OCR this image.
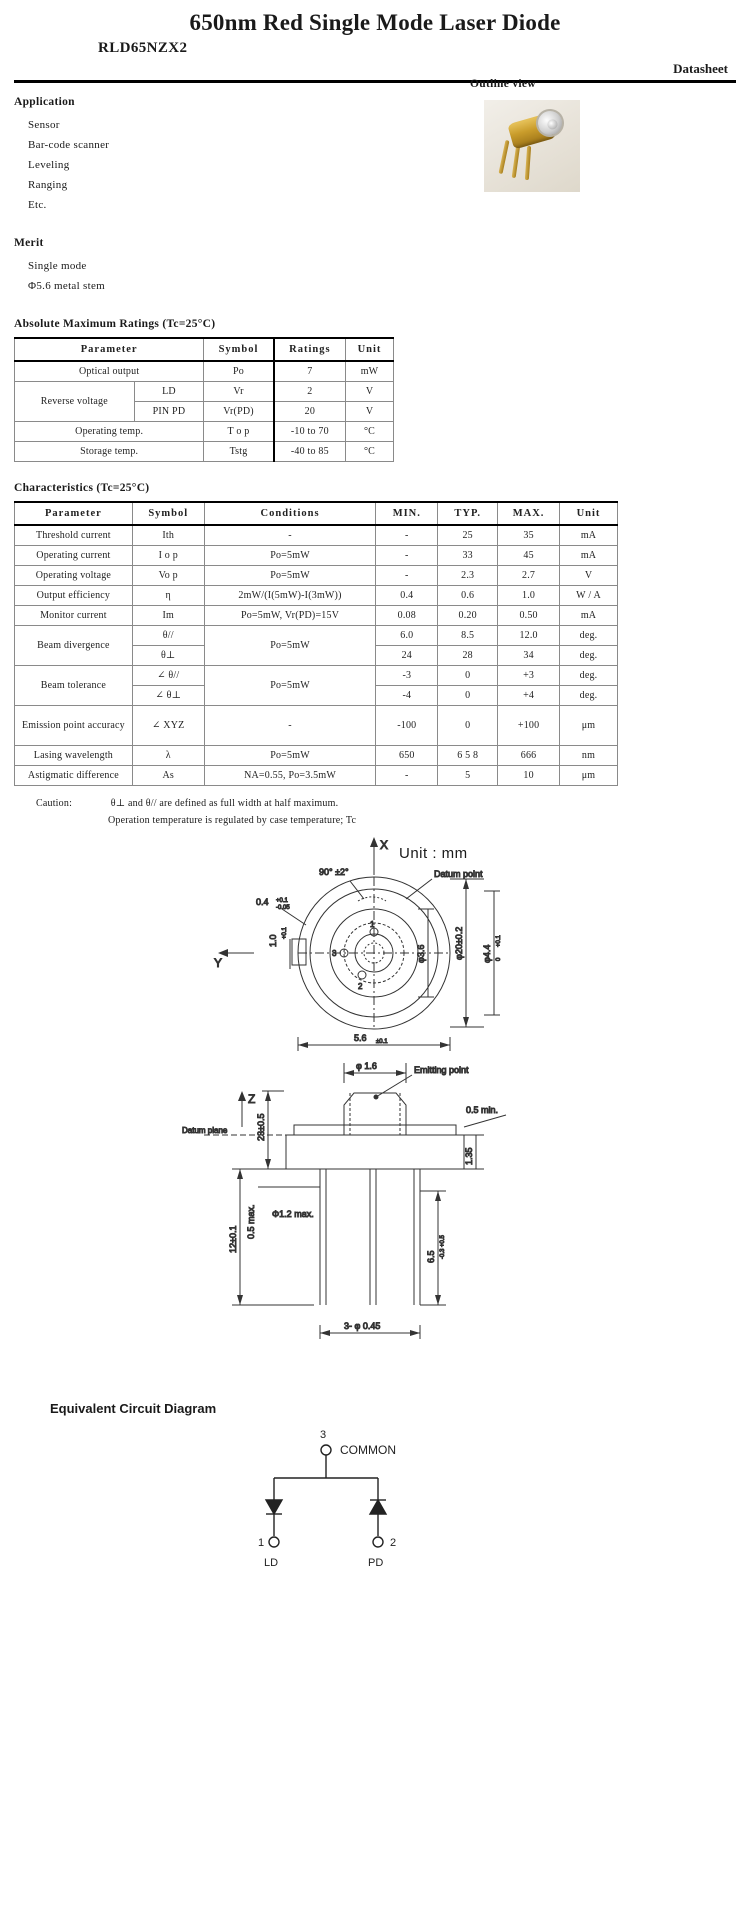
650nm Red Single Mode Laser Diode
RLD65NZX2
Datasheet
Outline view
Application
Sensor
Bar-code scanner
Leveling
Ranging
Etc.
Merit
Single mode
Φ5.6 metal stem
Absolute Maximum Ratings (Tc=25°C)
Parameter		Symbol	Ratings	Unit
Optical output		Po	7	mW
Reverse voltage	LD	Vr	2	V
	PIN PD	Vr(PD)	20	V
Operating temp.		T o p	-10 to 70	°C
Storage temp.		Tstg	-40 to 85	°C
Characteristics (Tc=25°C)
Parameter	Symbol	Conditions	MIN.	TYP.	MAX.	Unit
Threshold current	Ith	-	-	25	35	mA
Operating current	I o p	Po=5mW	-	33	45	mA
Operating voltage	Vo p	Po=5mW	-	2.3	2.7	V
Output efficiency	η	2mW/(I(5mW)-I(3mW))	0.4	0.6	1.0	W / A
Monitor current	Im	Po=5mW, Vr(PD)=15V	0.08	0.20	0.50	mA
Beam divergence	θ//	Po=5mW	6.0	8.5	12.0	deg.
	θ⊥		24	28	34	deg.
Beam tolerance	∠ θ//	Po=5mW	-3	0	+3	deg.
	∠ θ⊥		-4	0	+4	deg.
Emission point accuracy	∠ XYZ	-	-100	0	+100	μm
Lasing wavelength	λ	Po=5mW	650	6 5 8	666	nm
Astigmatic difference	As	NA=0.55, Po=3.5mW	-	5	10	μm
Caution:	θ⊥ and θ// are defined as full width at half maximum.
Operation temperature is regulated by case temperature; Tc
Unit : mm
X
Y
1
2
3
Datum point
90° ±2°
0.4 +0.1
-0.05
1.0
+0.1	φ20±0.2
φ3.6	φ4.4
+0.1
0
5.6 ±0.1
Z
φ 1.6	Emitting point
0.5 min.
Datum plane	23±0.5
1.35
12±0.1
0.5 max. Φ1.2 max.
6.5
+0.5
-0.3
3- φ 0.45
Equivalent Circuit Diagram
3
COMMON
1
LD
2
PD
